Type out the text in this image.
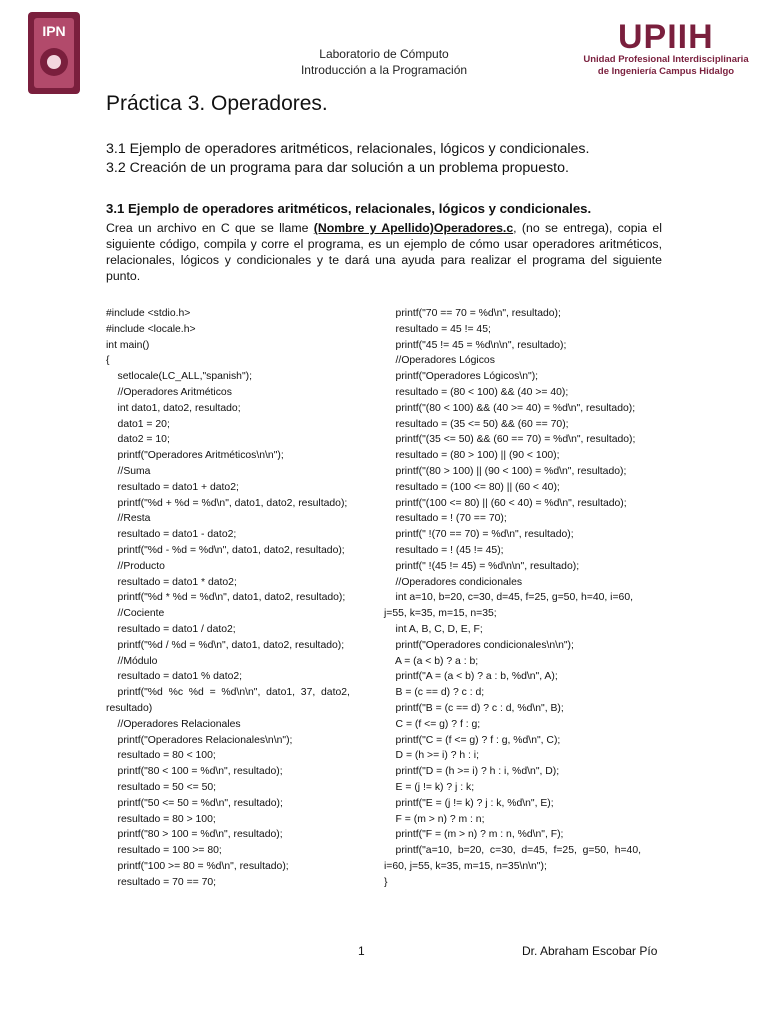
IPN
Laboratorio de Cómputo
Introducción a la Programación
UPIIH
Unidad Profesional Interdisciplinaria
de Ingeniería Campus Hidalgo
Práctica 3. Operadores.
3.1 Ejemplo de operadores aritméticos, relacionales, lógicos y condicionales.
3.2 Creación de un programa para dar solución a un problema propuesto.
3.1 Ejemplo de operadores aritméticos, relacionales, lógicos y condicionales.
Crea un archivo en C que se llame (Nombre y Apellido)Operadores.c, (no se entrega), copia el siguiente código, compila y corre el programa, es un ejemplo de cómo usar operadores aritméticos, relacionales, lógicos y condicionales y te dará una ayuda para realizar el programa del siguiente punto.
#include <stdio.h>
#include <locale.h>
int main()
{
setlocale(LC_ALL,"spanish");
//Operadores Aritméticos
int dato1, dato2, resultado;
dato1 = 20;
dato2 = 10;
printf("Operadores Aritméticos\n\n");
//Suma
resultado = dato1 + dato2;
printf("%d + %d = %d\n", dato1, dato2, resultado);
//Resta
resultado = dato1 - dato2;
printf("%d - %d = %d\n", dato1, dato2, resultado);
//Producto
resultado = dato1 * dato2;
printf("%d * %d = %d\n", dato1, dato2, resultado);
//Cociente
resultado = dato1 / dato2;
printf("%d / %d = %d\n", dato1, dato2, resultado);
//Módulo
resultado = dato1 % dato2;
printf("%d  %c  %d  =  %d\n\n",  dato1,  37,  dato2,
resultado)
//Operadores Relacionales
printf("Operadores Relacionales\n\n");
resultado = 80 < 100;
printf("80 < 100 = %d\n", resultado);
resultado = 50 <= 50;
printf("50 <= 50 = %d\n", resultado);
resultado = 80 > 100;
printf("80 > 100 = %d\n", resultado);
resultado = 100 >= 80;
printf("100 >= 80 = %d\n", resultado);
resultado = 70 == 70;
printf("70 == 70 = %d\n", resultado);
resultado = 45 != 45;
printf("45 != 45 = %d\n\n", resultado);
//Operadores Lógicos
printf("Operadores Lógicos\n");
resultado = (80 < 100) && (40 >= 40);
printf("(80 < 100) && (40 >= 40) = %d\n", resultado);
resultado = (35 <= 50) && (60 == 70);
printf("(35 <= 50) && (60 == 70) = %d\n", resultado);
resultado = (80 > 100) || (90 < 100);
printf("(80 > 100) || (90 < 100) = %d\n", resultado);
resultado = (100 <= 80) || (60 < 40);
printf("(100 <= 80) || (60 < 40) = %d\n", resultado);
resultado = ! (70 == 70);
printf(" !(70 == 70) = %d\n", resultado);
resultado = ! (45 != 45);
printf(" !(45 != 45) = %d\n\n", resultado);
//Operadores condicionales
int a=10, b=20, c=30, d=45, f=25, g=50, h=40, i=60,
j=55, k=35, m=15, n=35;
int A, B, C, D, E, F;
printf("Operadores condicionales\n\n");
A = (a < b) ? a : b;
printf("A = (a < b) ? a : b, %d\n", A);
B = (c == d) ? c : d;
printf("B = (c == d) ? c : d, %d\n", B);
C = (f <= g) ? f : g;
printf("C = (f <= g) ? f : g, %d\n", C);
D = (h >= i) ? h : i;
printf("D = (h >= i) ? h : i, %d\n", D);
E = (j != k) ? j : k;
printf("E = (j != k) ? j : k, %d\n", E);
F = (m > n) ? m : n;
printf("F = (m > n) ? m : n, %d\n", F);
printf("a=10,  b=20,  c=30,  d=45,  f=25,  g=50,  h=40,
i=60, j=55, k=35, m=15, n=35\n\n");
}
1	Dr. Abraham Escobar Pío
